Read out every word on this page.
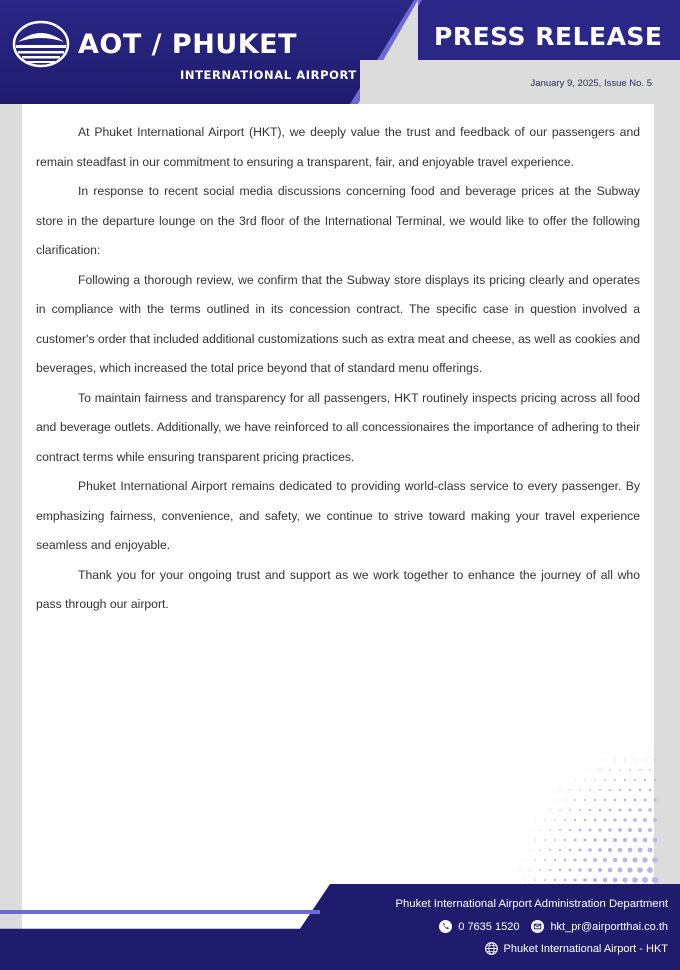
AOT / PHUKET
INTERNATIONAL AIRPORT
PRESS RELEASE
January 9, 2025, Issue No. 5

At Phuket International Airport (HKT), we deeply value the trust and feedback of our passengers and remain steadfast in our commitment to ensuring a transparent, fair, and enjoyable travel experience.

In response to recent social media discussions concerning food and beverage prices at the Subway store in the departure lounge on the 3rd floor of the International Terminal, we would like to offer the following clarification:

Following a thorough review, we confirm that the Subway store displays its pricing clearly and operates in compliance with the terms outlined in its concession contract. The specific case in question involved a customer's order that included additional customizations such as extra meat and cheese, as well as cookies and beverages, which increased the total price beyond that of standard menu offerings.

To maintain fairness and transparency for all passengers, HKT routinely inspects pricing across all food and beverage outlets. Additionally, we have reinforced to all concessionaires the importance of adhering to their contract terms while ensuring transparent pricing practices.

Phuket International Airport remains dedicated to providing world-class service to every passenger. By emphasizing fairness, convenience, and safety, we continue to strive toward making your travel experience seamless and enjoyable.

Thank you for your ongoing trust and support as we work together to enhance the journey of all who pass through our airport.

Phuket International Airport Administration Department
0 7635 1520	hkt_pr@airportthai.co.th
Phuket International Airport - HKT
